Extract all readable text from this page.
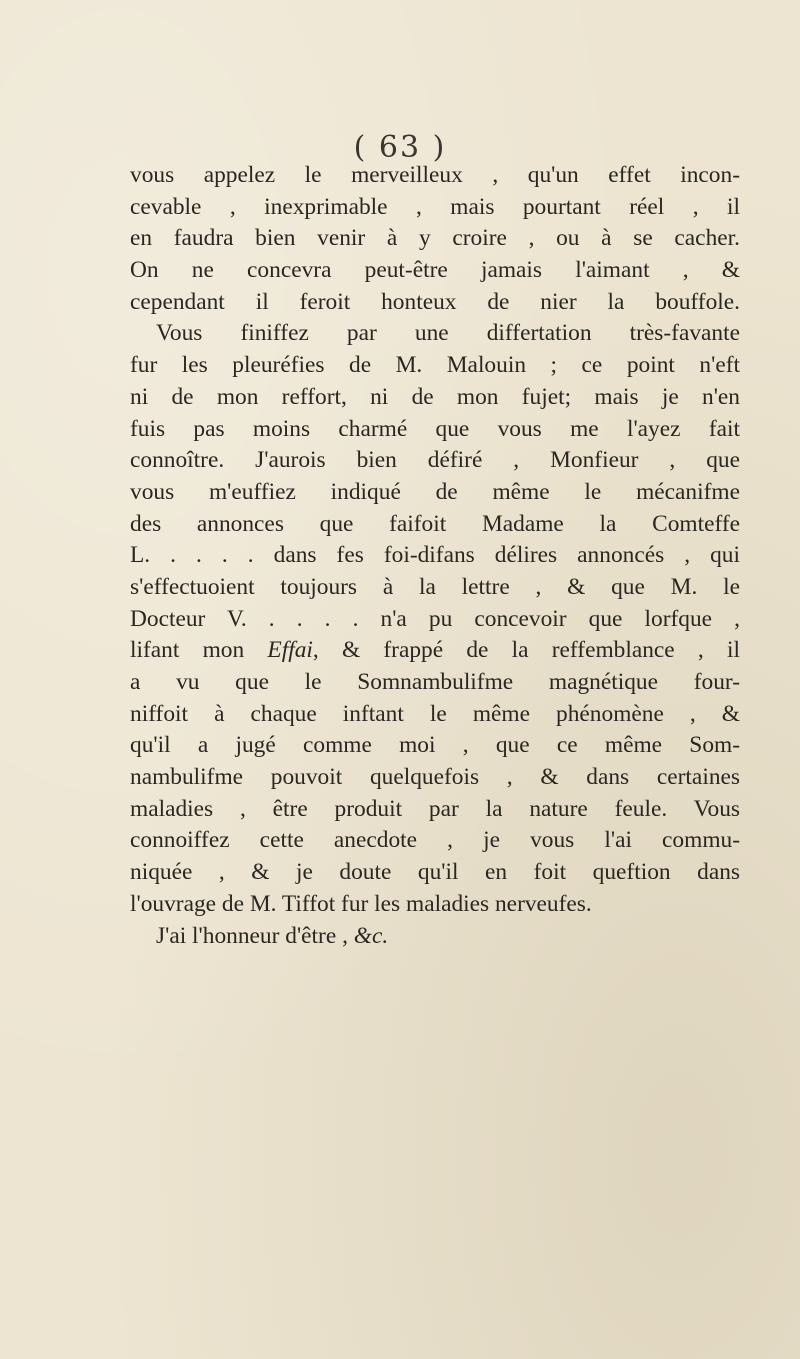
( 63 )
vous appelez le merveilleux , qu'un effet incon-
cevable , inexprimable , mais pourtant réel , il
en faudra bien venir à y croire , ou à se cacher.
On ne concevra peut-être jamais l'aimant , &
cependant il feroit honteux de nier la bouffole.
Vous finiffez par une differtation très-favante
fur les pleuréfies de M. Malouin ; ce point n'eft
ni de mon reffort, ni de mon fujet; mais je n'en
fuis pas moins charmé que vous me l'ayez fait
connoître. J'aurois bien défiré , Monfieur , que
vous m'euffiez indiqué de même le mécanifme
des annonces que faifoit Madame la Comteffe
L. . . . . dans fes foi-difans délires annoncés , qui
s'effectuoient toujours à la lettre , & que M. le
Docteur V. . . . . n'a pu concevoir que lorfque ,
lifant mon Effai, & frappé de la reffemblance , il
a vu que le Somnambulifme magnétique four-
niffoit à chaque inftant le même phénomène , &
qu'il a jugé comme moi , que ce même Som-
nambulifme pouvoit quelquefois , & dans certaines
maladies , être produit par la nature feule. Vous
connoiffez cette anecdote , je vous l'ai commu-
niquée , & je doute qu'il en foit queftion dans
l'ouvrage de M. Tiffot fur les maladies nerveufes.
J'ai l'honneur d'être , &c.
